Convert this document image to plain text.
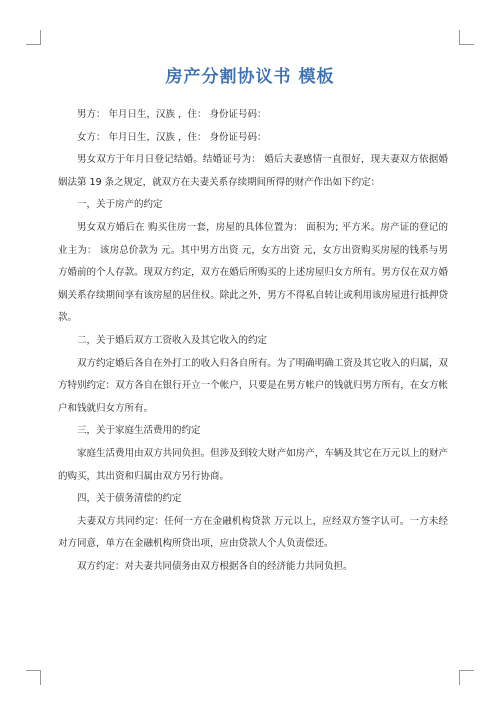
房产分割协议书 模板

男方： 年月日生，汉族 ，住： 身份证号码：

女方： 年月日生，汉族 ，住： 身份证号码：

男女双方于年月日登记结婚。结婚证号为： 婚后夫妻感情一直很好，现夫妻双方依据婚姻法第 19 条之规定，就双方在夫妻关系存续期间所得的财产作出如下约定：

一，关于房产的约定

男女双方婚后在 购买住房一套，房屋的具体位置为： 面积为; 平方米。房产证的登记的业主为： 该房总价款为 元。其中男方出资 元，女方出资 元，女方出资购买房屋的钱系与男方婚前的个人存款。现双方约定，双方在婚后所购买的上述房屋归女方所有。男方仅在双方婚姻关系存续期间享有该房屋的居住权。除此之外，男方不得私自转让或利用该房屋进行抵押贷款。

二，关于婚后双方工资收入及其它收入的约定

双方约定婚后各自在外打工的收入归各自所有。为了明确明确工资及其它收入的归属，双方特别约定：双方各自在银行开立一个帐户，只要是在男方帐户的钱就归男方所有，在女方帐户和钱就归女方所有。

三，关于家庭生活费用的约定

家庭生活费用由双方共同负担。但涉及到较大财产如房产，车辆及其它在万元以上的财产的购买，其出资和归属由双方另行协商。

四，关于债务清偿的约定

夫妻双方共同约定：任何一方在金融机构贷款 万元以上，应经双方签字认可。一方未经对方同意，单方在金融机构所贷出项，应由贷款人个人负责偿还。

双方约定：对夫妻共同债务由双方根据各自的经济能力共同负担。
